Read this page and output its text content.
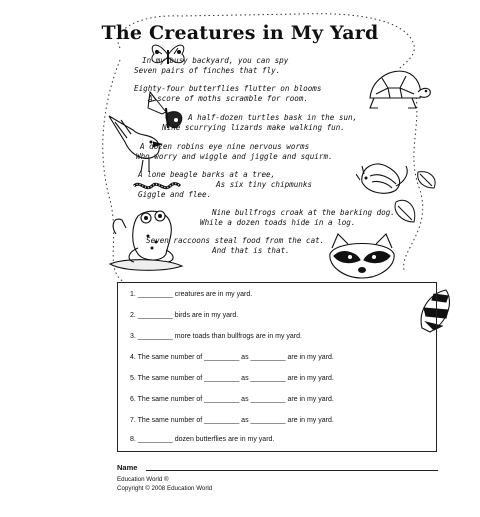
The Creatures in My Yard
In my busy backyard, you can spy
Seven pairs of finches that fly.
Eighty-four butterflies flutter on blooms
A score of moths scramble for room.
A half-dozen turtles bask in the sun,
Nine scurrying lizards make walking fun.
A dozen robins eye nine nervous worms
Who worry and wiggle and jiggle and squirm.
A lone beagle barks at a tree,
As six tiny chipmunks
Giggle and flee.
Nine bullfrogs croak at the barking dog.
While a dozen toads hide in a log.
Seven raccoons steal food from the cat.
And that is that.
1. _________ creatures are in my yard.
2. _________ birds are in my yard.
3. _________ more toads than bullfrogs are in my yard.
4. The same number of _________ as _________ are in my yard.
5. The same number of _________ as _________ are in my yard.
6. The same number of _________ as _________ are in my yard.
7. The same number of _________ as _________ are in my yard.
8. _________ dozen butterflies are in my yard.
Name
Education World ®
Copyright © 2008 Education World
